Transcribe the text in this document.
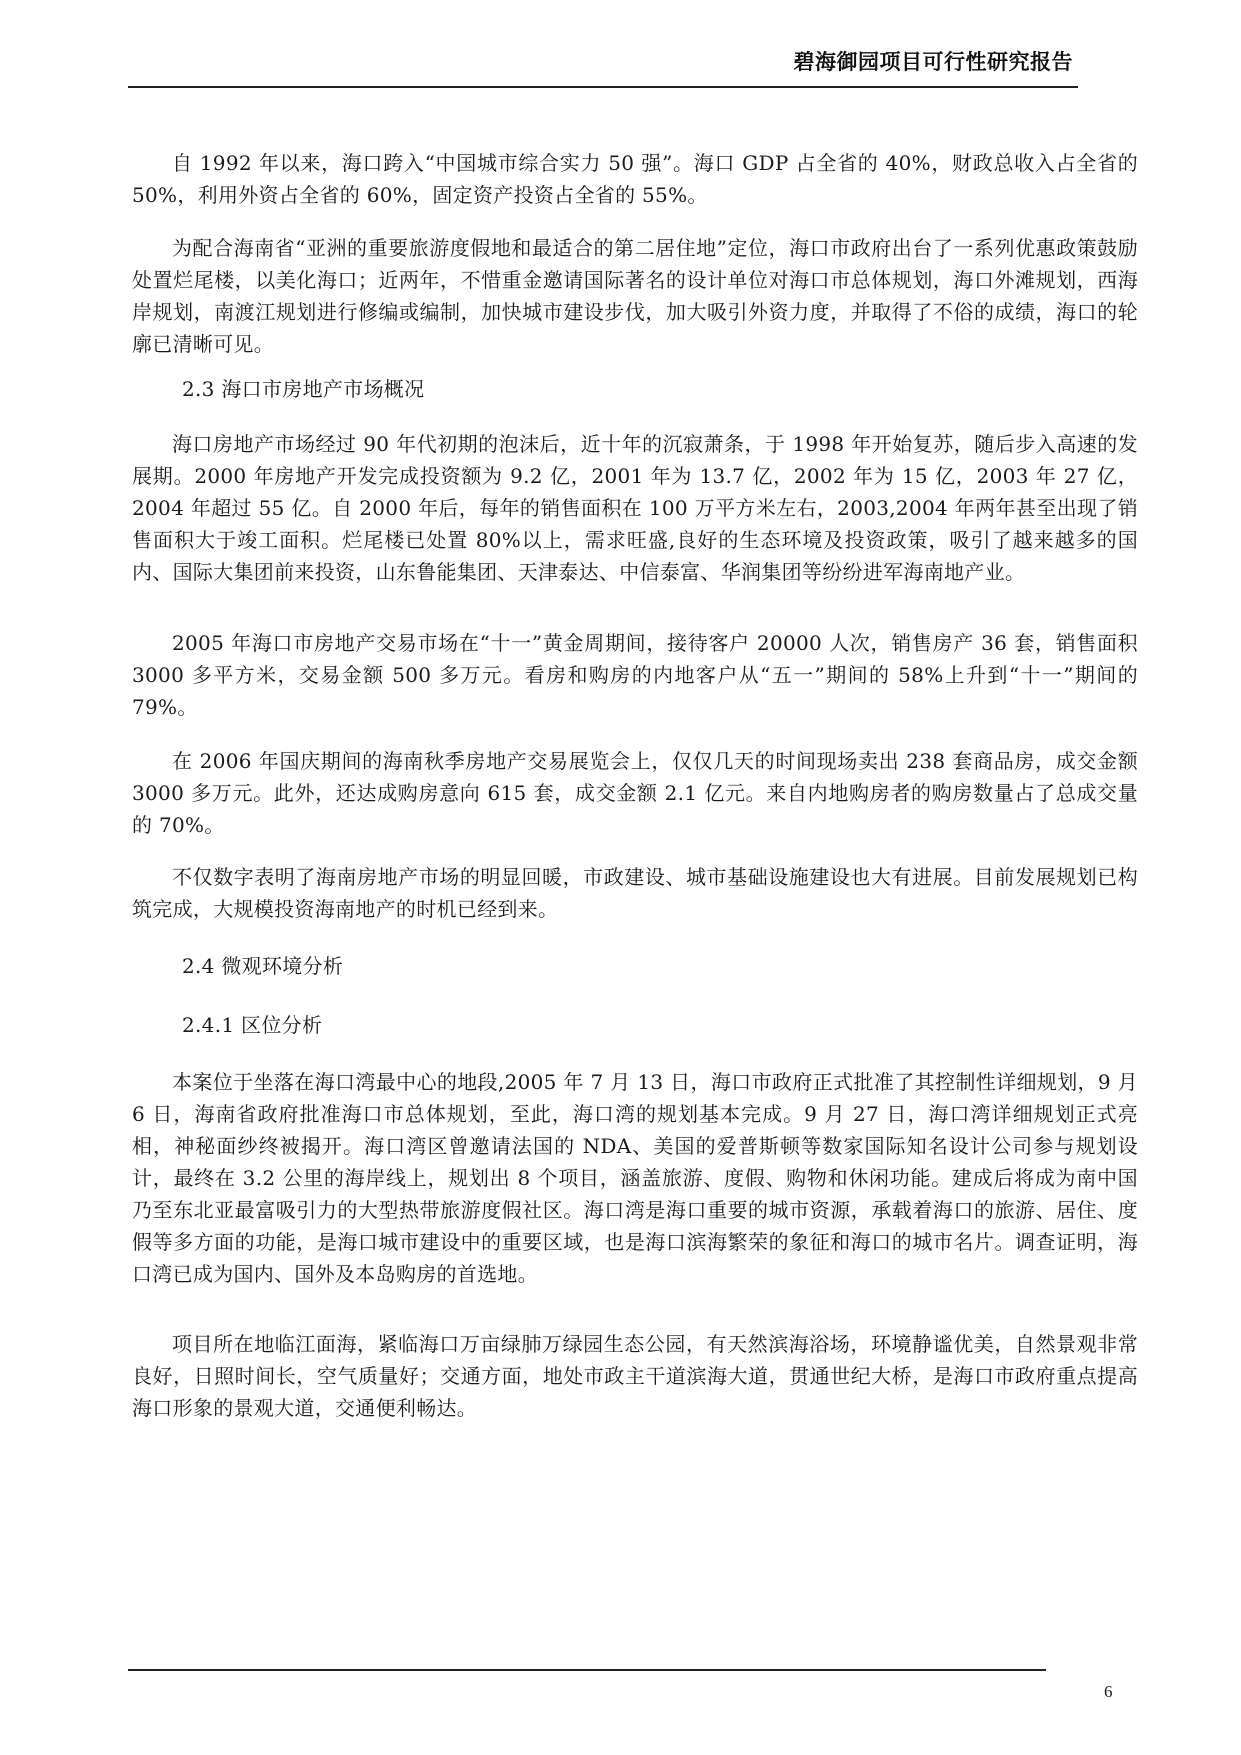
碧海御园项目可行性研究报告

自 1992 年以来，海口跨入“中国城市综合实力 50 强”。海口 GDP 占全省的 40%，财政总收入占全省的 50%，利用外资占全省的 60%，固定资产投资占全省的 55%。

为配合海南省“亚洲的重要旅游度假地和最适合的第二居住地”定位，海口市政府出台了一系列优惠政策鼓励处置烂尾楼，以美化海口；近两年，不惜重金邀请国际著名的设计单位对海口市总体规划，海口外滩规划，西海岸规划，南渡江规划进行修编或编制，加快城市建设步伐，加大吸引外资力度，并取得了不俗的成绩，海口的轮廓已清晰可见。

2.3 海口市房地产市场概况

海口房地产市场经过 90 年代初期的泡沫后，近十年的沉寂萧条，于 1998 年开始复苏，随后步入高速的发展期。2000 年房地产开发完成投资额为 9.2 亿，2001 年为 13.7 亿，2002 年为 15 亿，2003 年 27 亿，2004 年超过 55 亿。自 2000 年后，每年的销售面积在 100 万平方米左右，2003,2004 年两年甚至出现了销售面积大于竣工面积。烂尾楼已处置 80%以上，需求旺盛,良好的生态环境及投资政策，吸引了越来越多的国内、国际大集团前来投资，山东鲁能集团、天津泰达、中信泰富、华润集团等纷纷进军海南地产业。

2005 年海口市房地产交易市场在“十一”黄金周期间，接待客户 20000 人次，销售房产 36 套，销售面积 3000 多平方米，交易金额 500 多万元。看房和购房的内地客户从“五一”期间的 58%上升到“十一”期间的 79%。

在 2006 年国庆期间的海南秋季房地产交易展览会上，仅仅几天的时间现场卖出 238 套商品房，成交金额 3000 多万元。此外，还达成购房意向 615 套，成交金额 2.1 亿元。来自内地购房者的购房数量占了总成交量的 70%。

不仅数字表明了海南房地产市场的明显回暖，市政建设、城市基础设施建设也大有进展。目前发展规划已构筑完成，大规模投资海南地产的时机已经到来。

2.4 微观环境分析
2.4.1 区位分析

本案位于坐落在海口湾最中心的地段,2005 年 7 月 13 日，海口市政府正式批准了其控制性详细规划，9 月 6 日，海南省政府批准海口市总体规划，至此，海口湾的规划基本完成。9 月 27 日，海口湾详细规划正式亮相，神秘面纱终被揭开。海口湾区曾邀请法国的 NDA、美国的爱普斯顿等数家国际知名设计公司参与规划设计，最终在 3.2 公里的海岸线上，规划出 8 个项目，涵盖旅游、度假、购物和休闲功能。建成后将成为南中国乃至东北亚最富吸引力的大型热带旅游度假社区。海口湾是海口重要的城市资源，承载着海口的旅游、居住、度假等多方面的功能，是海口城市建设中的重要区域，也是海口滨海繁荣的象征和海口的城市名片。调查证明，海口湾已成为国内、国外及本岛购房的首选地。

项目所在地临江面海，紧临海口万亩绿肺万绿园生态公园，有天然滨海浴场，环境静谧优美，自然景观非常良好，日照时间长，空气质量好；交通方面，地处市政主干道滨海大道，贯通世纪大桥，是海口市政府重点提高海口形象的景观大道，交通便利畅达。

6
